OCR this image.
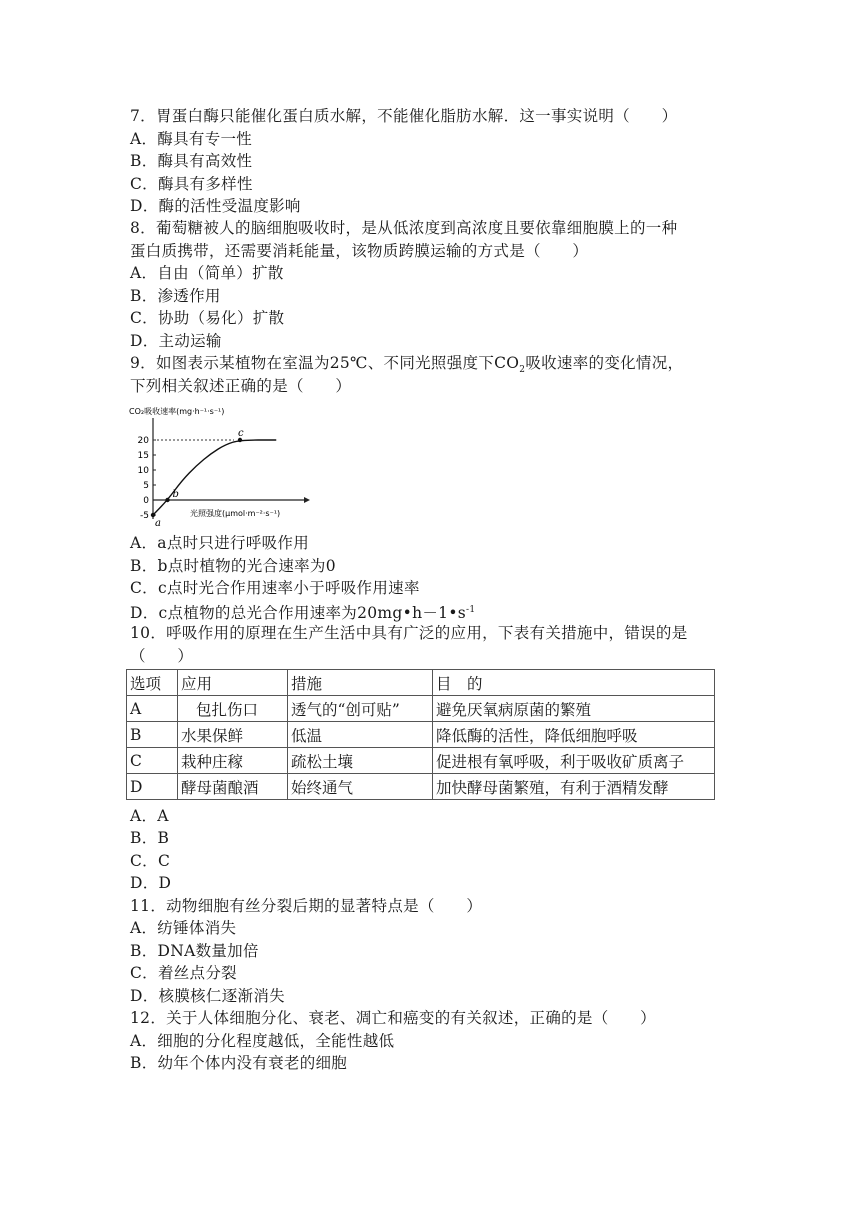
7．胃蛋白酶只能催化蛋白质水解，不能催化脂肪水解．这一事实说明（　　）
A．酶具有专一性
B．酶具有高效性
C．酶具有多样性
D．酶的活性受温度影响
8．葡萄糖被人的脑细胞吸收时，是从低浓度到高浓度且要依靠细胞膜上的一种
蛋白质携带，还需要消耗能量，该物质跨膜运输的方式是（　　）
A．自由（简单）扩散
B．渗透作用
C．协助（易化）扩散
D．主动运输
9．如图表示某植物在室温为25℃、不同光照强度下$CO_2$吸收速率的变化情况，
下列相关叙述正确的是（　　）
CO₂吸收速率(mg·h⁻¹·s⁻¹)
20
15
10
5
0
-5
a
b
c
光照强度(μmol·m⁻²·s⁻¹)
A．a点时只进行呼吸作用
B．b点时植物的光合速率为0
C．c点时光合作用速率小于呼吸作用速率
D．c点植物的总光合作用速率为$20mg•h-1•s^{-1}$
10．呼吸作用的原理在生产生活中具有广泛的应用，下表有关措施中，错误的是
（　　）
选项	应用	措施	目　的
A	包扎伤口	透气的“创可贴”	避免厌氧病原菌的繁殖
B	水果保鲜	低温	降低酶的活性，降低细胞呼吸
C	栽种庄稼	疏松土壤	促进根有氧呼吸，利于吸收矿质离子
D	酵母菌酿酒	始终通气	加快酵母菌繁殖，有利于酒精发酵
A．A
B．B
C．C
D．D
11．动物细胞有丝分裂后期的显著特点是（　　）
A．纺锤体消失
B．DNA数量加倍
C．着丝点分裂
D．核膜核仁逐渐消失
12．关于人体细胞分化、衰老、凋亡和癌变的有关叙述，正确的是（　　）
A．细胞的分化程度越低，全能性越低
B．幼年个体内没有衰老的细胞
